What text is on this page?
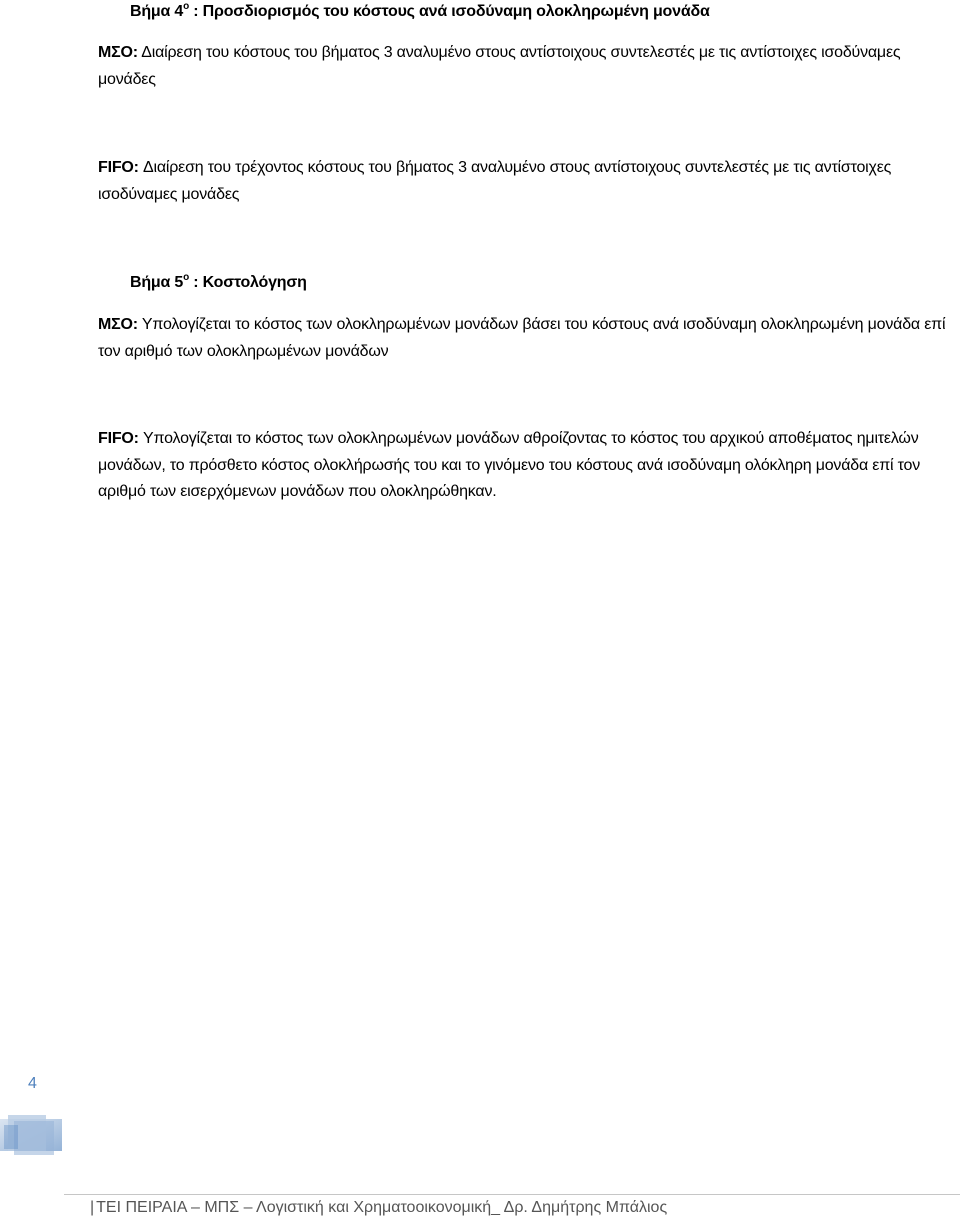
Βήμα $4^o$ : Προσδιορισμός του κόστους ανά ισοδύναμη ολοκληρωμένη μονάδα
ΜΣΟ: Διαίρεση του κόστους του βήματος 3 αναλυμένο στους αντίστοιχους συντελεστές με τις αντίστοιχες ισοδύναμες μονάδες
FIFO: Διαίρεση του τρέχοντος κόστους του βήματος 3 αναλυμένο στους αντίστοιχους συντελεστές με τις αντίστοιχες ισοδύναμες μονάδες
Βήμα $5^o$ : Κοστολόγηση
ΜΣΟ: Υπολογίζεται το κόστος των ολοκληρωμένων μονάδων βάσει του κόστους ανά ισοδύναμη ολοκληρωμένη μονάδα επί τον αριθμό των ολοκληρωμένων μονάδων
FIFO: Υπολογίζεται το κόστος των ολοκληρωμένων μονάδων αθροίζοντας το κόστος του αρχικού αποθέματος ημιτελών μονάδων, το πρόσθετο κόστος ολοκλήρωσής του και το γινόμενο του κόστους ανά ισοδύναμη ολόκληρη μονάδα επί τον αριθμό των εισερχόμενων μονάδων που ολοκληρώθηκαν.
4
| ΤΕΙ ΠΕΙΡΑΙΑ – ΜΠΣ – Λογιστική και Χρηματοοικονομική_ Δρ. Δημήτρης Μπάλιος
